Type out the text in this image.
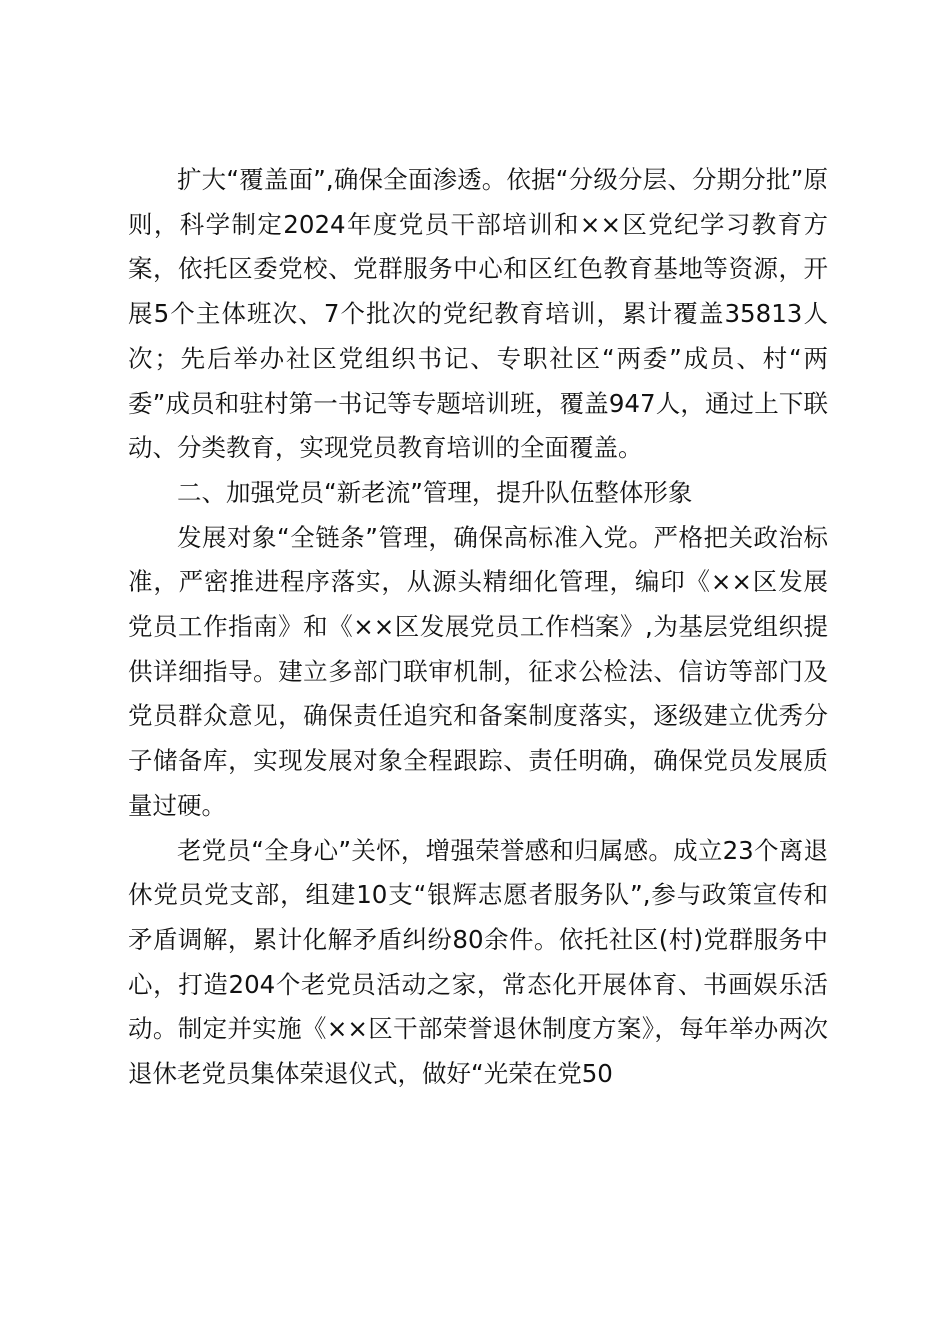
扩大“覆盖面”,确保全面渗透。依据“分级分层、分期分批”原则，科学制定2024年度党员干部培训和××区党纪学习教育方案，依托区委党校、党群服务中心和区红色教育基地等资源，开展5个主体班次、7个批次的党纪教育培训，累计覆盖35813人次；先后举办社区党组织书记、专职社区“两委”成员、村“两委”成员和驻村第一书记等专题培训班，覆盖947人，通过上下联动、分类教育，实现党员教育培训的全面覆盖。

二、加强党员“新老流”管理，提升队伍整体形象

发展对象“全链条”管理，确保高标准入党。严格把关政治标准，严密推进程序落实，从源头精细化管理，编印《××区发展党员工作指南》和《××区发展党员工作档案》,为基层党组织提供详细指导。建立多部门联审机制，征求公检法、信访等部门及党员群众意见，确保责任追究和备案制度落实，逐级建立优秀分子储备库，实现发展对象全程跟踪、责任明确，确保党员发展质量过硬。

老党员“全身心”关怀，增强荣誉感和归属感。成立23个离退休党员党支部，组建10支“银辉志愿者服务队”,参与政策宣传和矛盾调解，累计化解矛盾纠纷80余件。依托社区(村)党群服务中心，打造204个老党员活动之家，常态化开展体育、书画娱乐活动。制定并实施《××区干部荣誉退休制度方案》，每年举办两次退休老党员集体荣退仪式，做好“光荣在党50
